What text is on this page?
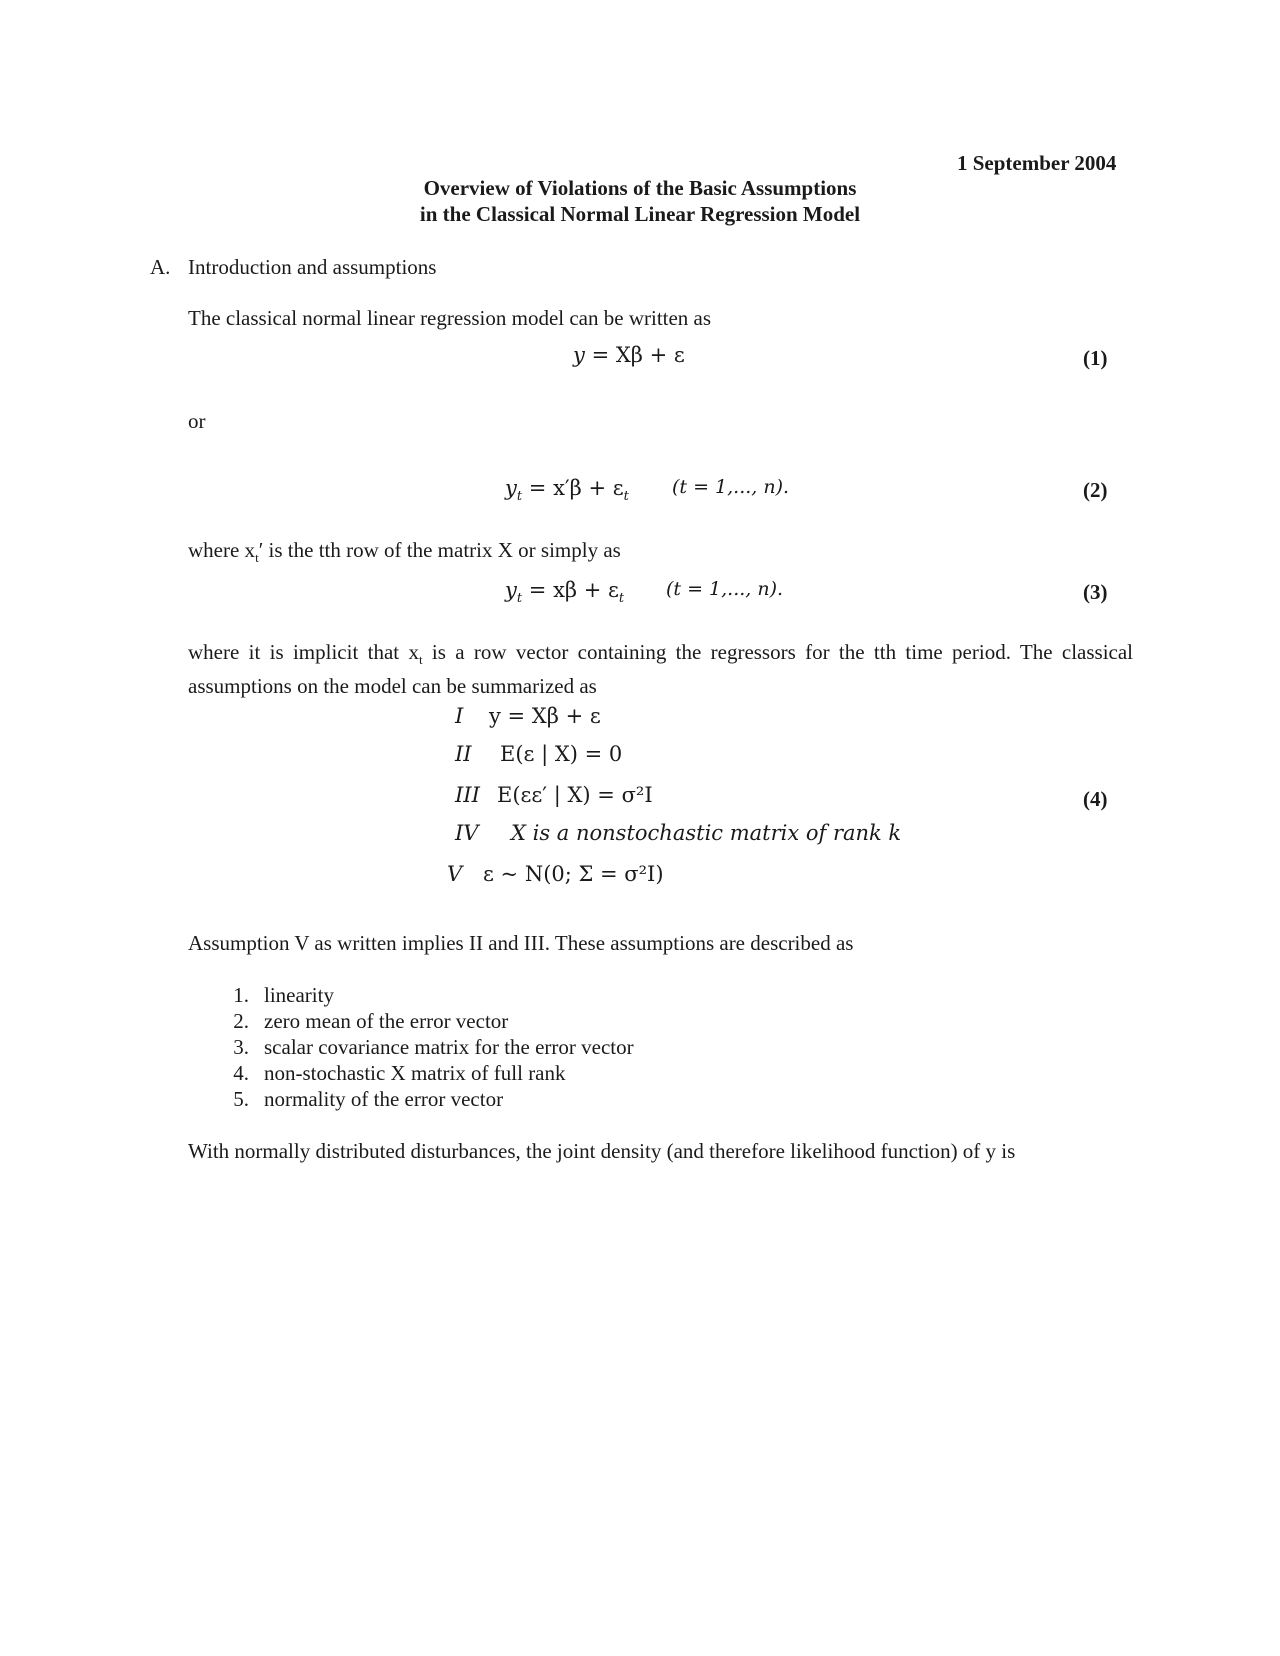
1 September 2004
Overview of Violations of the Basic Assumptions
in the Classical Normal Linear Regression Model
A. Introduction and assumptions
The classical normal linear regression model can be written as
y = Xβ + ε	(1)
or
$y_t = x'\beta + \varepsilon_t$ (t = 1,..., n).	(2)
where $x_t'$ is the tth row of the matrix X or simply as
$y_t = x\beta + \varepsilon_t$ (t = 1,..., n).	(3)
where it is implicit that $x_t$ is a row vector containing the regressors for the tth time period. The classical assumptions on the model can be summarized as
I y = Xβ + ε
II E(ε | X) = 0
III E(εε′ | X) = σ²I	(4)
IV X is a nonstochastic matrix of rank k
V ε ~ N(0; Σ = σ²I)
Assumption V as written implies II and III. These assumptions are described as
1. linearity
2. zero mean of the error vector
3. scalar covariance matrix for the error vector
4. non-stochastic X matrix of full rank
5. normality of the error vector
With normally distributed disturbances, the joint density (and therefore likelihood function) of y is
